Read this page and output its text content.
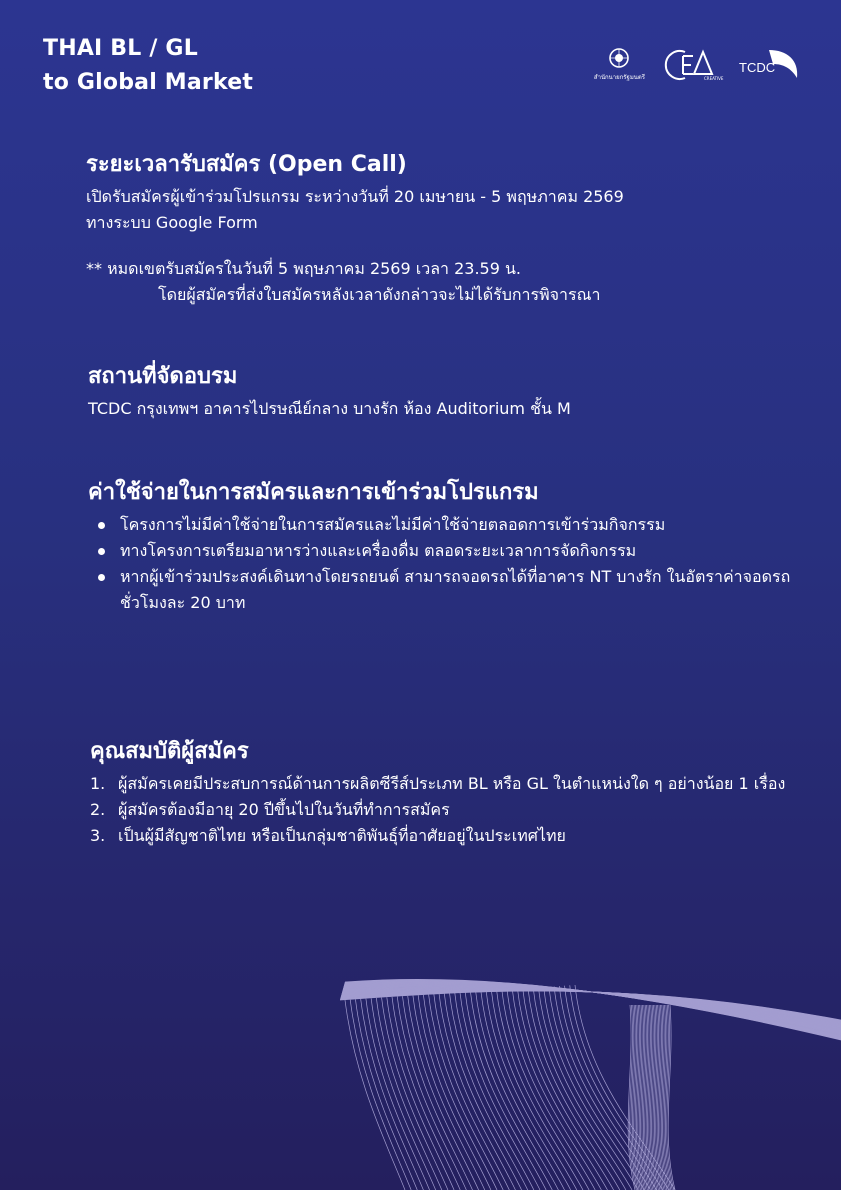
THAI BL / GL
to Global Market	สำนักนายกรัฐมนตรี	CREATIVE
TCDC
ระยะเวลารับสมัคร (Open Call)

เปิดรับสมัครผู้เข้าร่วมโปรแกรม ระหว่างวันที่ 20 เมษายน - 5 พฤษภาคม 2569

ทางระบบ Google Form

** หมดเขตรับสมัครในวันที่ 5 พฤษภาคม 2569 เวลา 23.59 น.

โดยผู้สมัครที่ส่งใบสมัครหลังเวลาดังกล่าวจะไม่ได้รับการพิจารณา

สถานที่จัดอบรม

TCDC กรุงเทพฯ อาคารไปรษณีย์กลาง บางรัก ห้อง Auditorium ชั้น M

ค่าใช้จ่ายในการสมัครและการเข้าร่วมโปรแกรม
โครงการไม่มีค่าใช้จ่ายในการสมัครและไม่มีค่าใช้จ่ายตลอดการเข้าร่วมกิจกรรม
ทางโครงการเตรียมอาหารว่างและเครื่องดื่ม ตลอดระยะเวลาการจัดกิจกรรม
หากผู้เข้าร่วมประสงค์เดินทางโดยรถยนต์ สามารถจอดรถได้ที่อาคาร NT บางรัก ในอัตราค่าจอดรถ ชั่วโมงละ 20 บาท
คุณสมบัติผู้สมัคร
1. ผู้สมัครเคยมีประสบการณ์ด้านการผลิตซีรีส์ประเภท BL หรือ GL ในตำแหน่งใด ๆ อย่างน้อย 1 เรื่อง
2. ผู้สมัครต้องมีอายุ 20 ปีขึ้นไปในวันที่ทำการสมัคร
3. เป็นผู้มีสัญชาติไทย หรือเป็นกลุ่มชาติพันธุ์ที่อาศัยอยู่ในประเทศไทย
